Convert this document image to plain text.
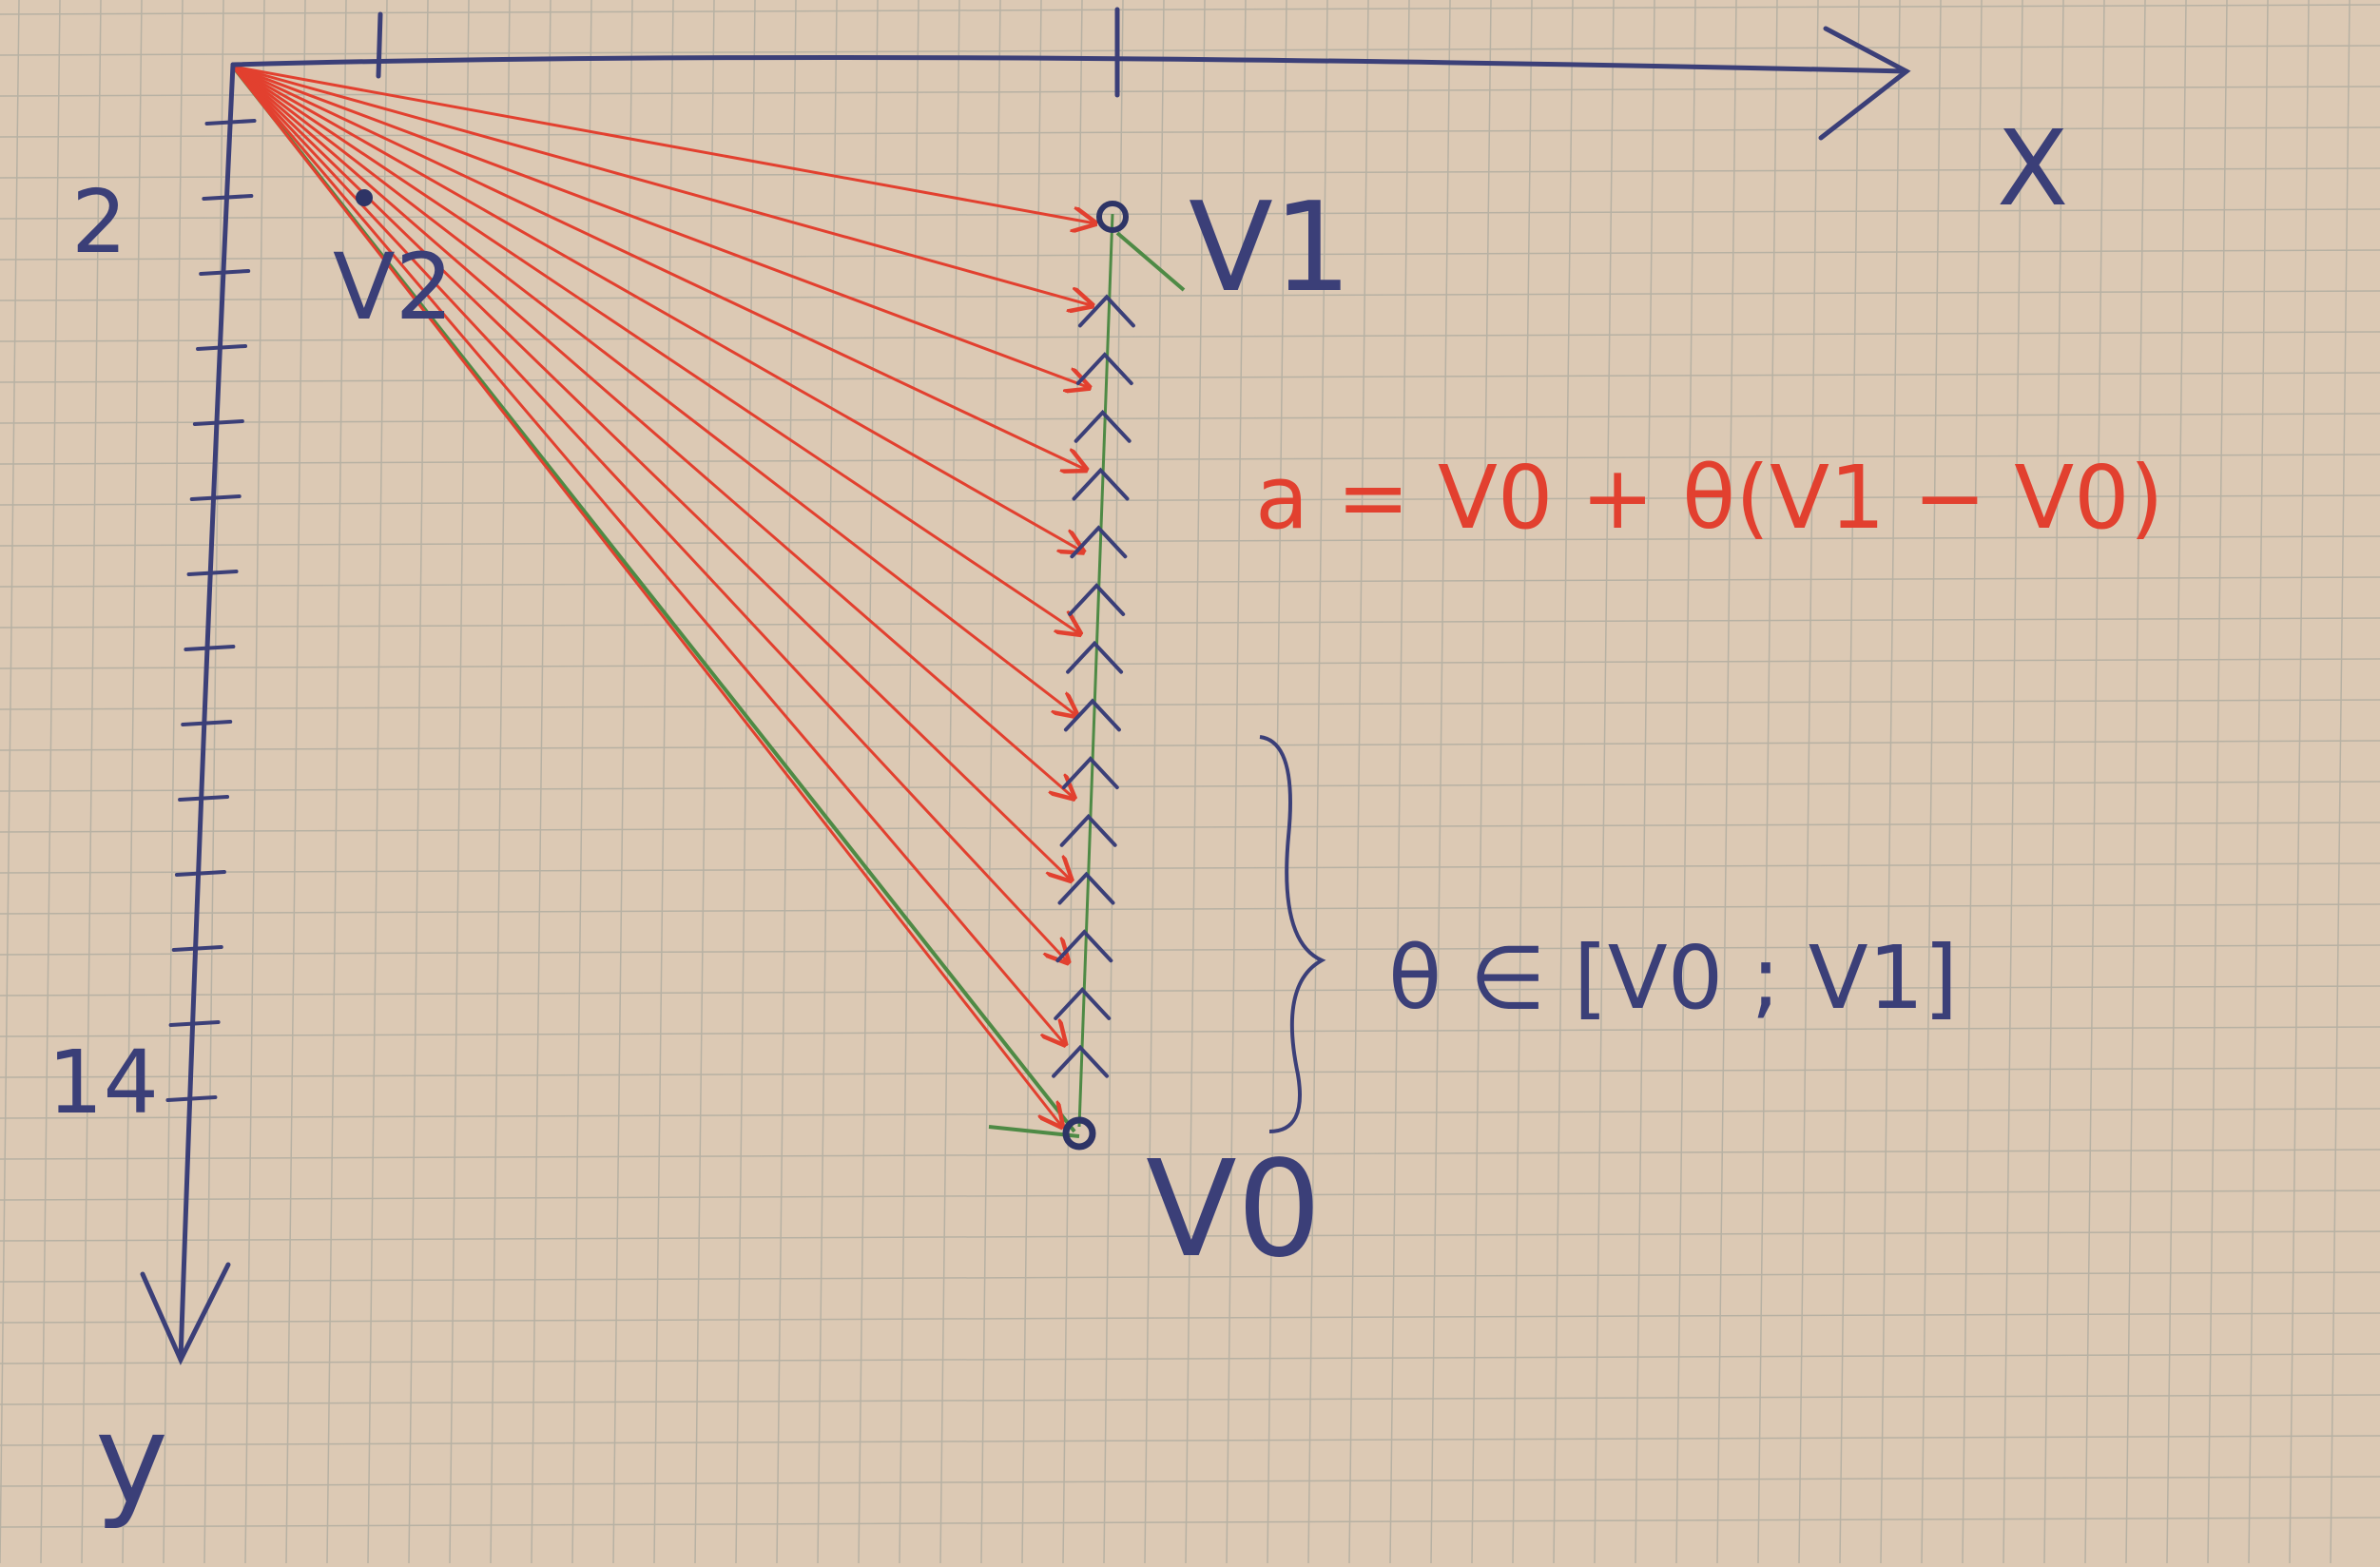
X
y
2
14
V1
V2
V0
a = V0 + θ(V1 − V0)
θ ∈ [V0 ; V1]
